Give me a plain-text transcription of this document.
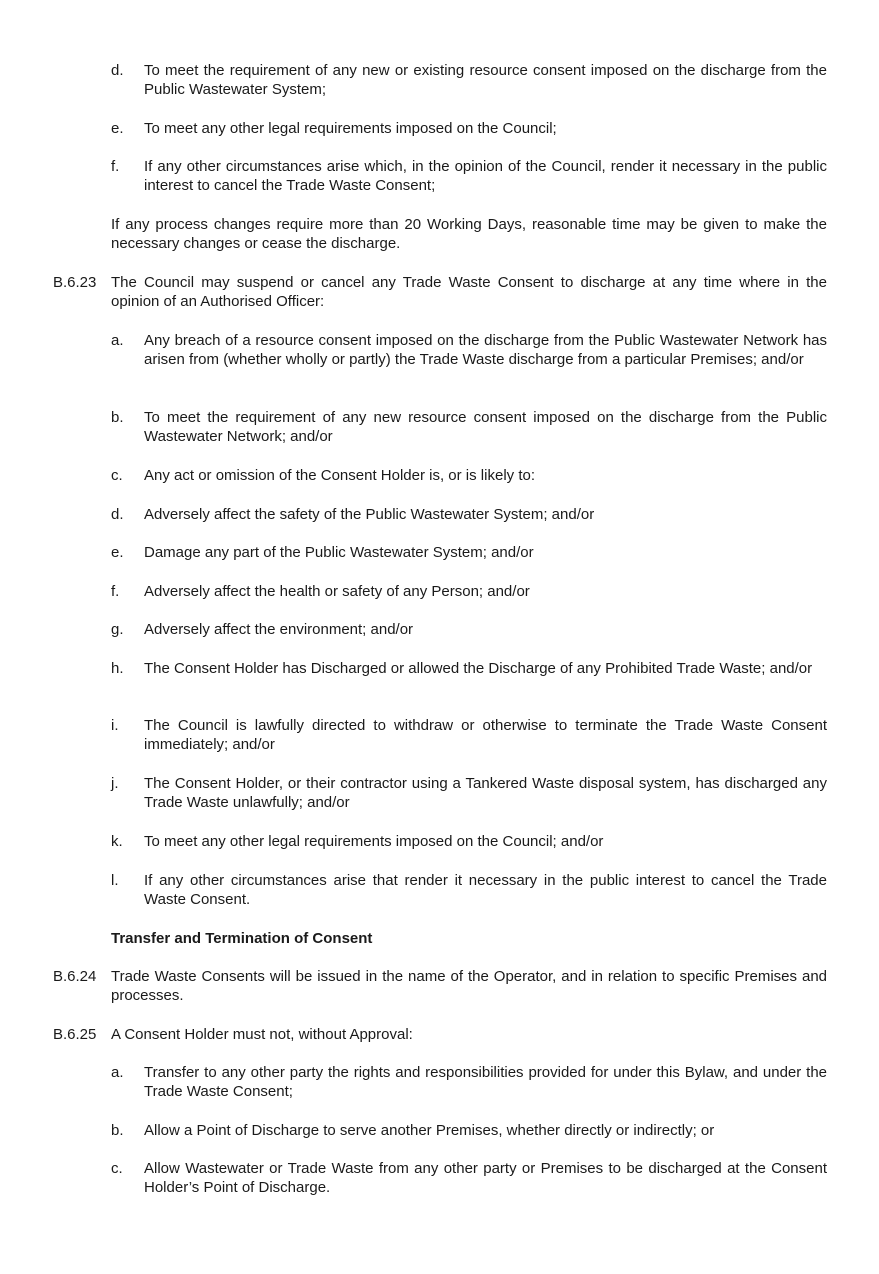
d. To meet the requirement of any new or existing resource consent imposed on the discharge from the Public Wastewater System;
e. To meet any other legal requirements imposed on the Council;
f. If any other circumstances arise which, in the opinion of the Council, render it necessary in the public interest to cancel the Trade Waste Consent;
If any process changes require more than 20 Working Days, reasonable time may be given to make the necessary changes or cease the discharge.
B.6.23 The Council may suspend or cancel any Trade Waste Consent to discharge at any time where in the opinion of an Authorised Officer:
a. Any breach of a resource consent imposed on the discharge from the Public Wastewater Network has arisen from (whether wholly or partly) the Trade Waste discharge from a particular Premises; and/or
b. To meet the requirement of any new resource consent imposed on the discharge from the Public Wastewater Network; and/or
c. Any act or omission of the Consent Holder is, or is likely to:
d. Adversely affect the safety of the Public Wastewater System; and/or
e. Damage any part of the Public Wastewater System; and/or
f. Adversely affect the health or safety of any Person; and/or
g. Adversely affect the environment; and/or
h. The Consent Holder has Discharged or allowed the Discharge of any Prohibited Trade Waste; and/or
i. The Council is lawfully directed to withdraw or otherwise to terminate the Trade Waste Consent immediately; and/or
j. The Consent Holder, or their contractor using a Tankered Waste disposal system, has discharged any Trade Waste unlawfully; and/or
k. To meet any other legal requirements imposed on the Council; and/or
l. If any other circumstances arise that render it necessary in the public interest to cancel the Trade Waste Consent.
Transfer and Termination of Consent
B.6.24 Trade Waste Consents will be issued in the name of the Operator, and in relation to specific Premises and processes.
B.6.25 A Consent Holder must not, without Approval:
a. Transfer to any other party the rights and responsibilities provided for under this Bylaw, and under the Trade Waste Consent;
b. Allow a Point of Discharge to serve another Premises, whether directly or indirectly; or
c. Allow Wastewater or Trade Waste from any other party or Premises to be discharged at the Consent Holder’s Point of Discharge.
